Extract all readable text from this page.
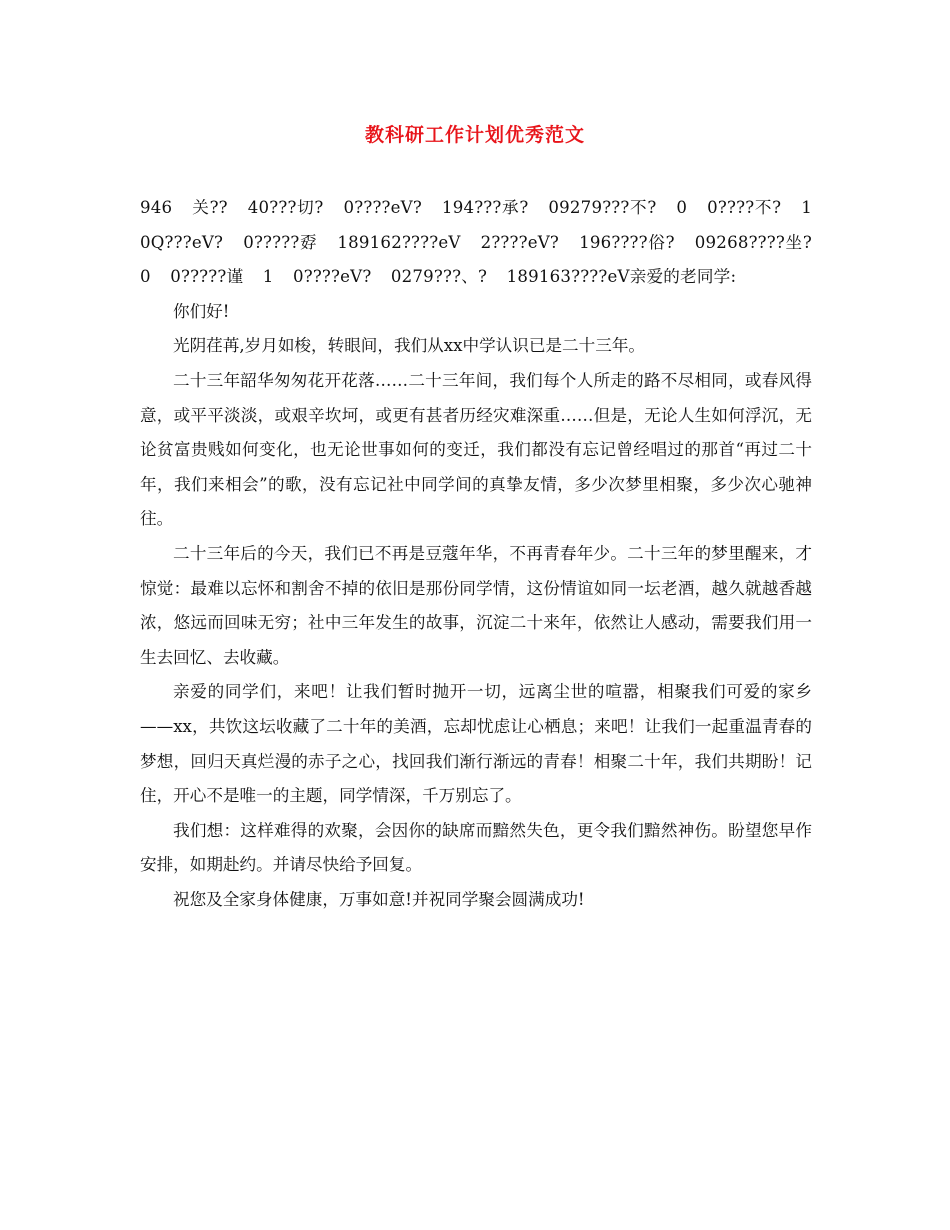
教科研工作计划优秀范文

946 关?? 40???切? 0????eV? 194???承? 09279???不? 0 0????不? 1 0Q???eV? 0?????孬 189162????eV 2????eV? 196????俗? 09268????坐? 0 0?????谨 1 0????eV? 0279???、? 189163????eV亲爱的老同学:

你们好!

光阴荏苒,岁月如梭，转眼间，我们从xx中学认识已是二十三年。

二十三年韶华匆匆花开花落……二十三年间，我们每个人所走的路不尽相同，或春风得意，或平平淡淡，或艰辛坎坷，或更有甚者历经灾难深重……但是，无论人生如何浮沉，无论贫富贵贱如何变化，也无论世事如何的变迁，我们都没有忘记曾经唱过的那首“再过二十年，我们来相会”的歌，没有忘记社中同学间的真挚友情，多少次梦里相聚，多少次心驰神往。

二十三年后的今天，我们已不再是豆蔻年华，不再青春年少。二十三年的梦里醒来，才惊觉：最难以忘怀和割舍不掉的依旧是那份同学情，这份情谊如同一坛老酒，越久就越香越浓，悠远而回味无穷；社中三年发生的故事，沉淀二十来年，依然让人感动，需要我们用一生去回忆、去收藏。

亲爱的同学们，来吧！让我们暂时抛开一切，远离尘世的喧嚣，相聚我们可爱的家乡——xx，共饮这坛收藏了二十年的美酒，忘却忧虑让心栖息；来吧！让我们一起重温青春的梦想，回归天真烂漫的赤子之心，找回我们渐行渐远的青春！相聚二十年，我们共期盼！记住，开心不是唯一的主题，同学情深，千万别忘了。

我们想：这样难得的欢聚，会因你的缺席而黯然失色，更令我们黯然神伤。盼望您早作安排，如期赴约。并请尽快给予回复。

祝您及全家身体健康，万事如意!并祝同学聚会圆满成功!
